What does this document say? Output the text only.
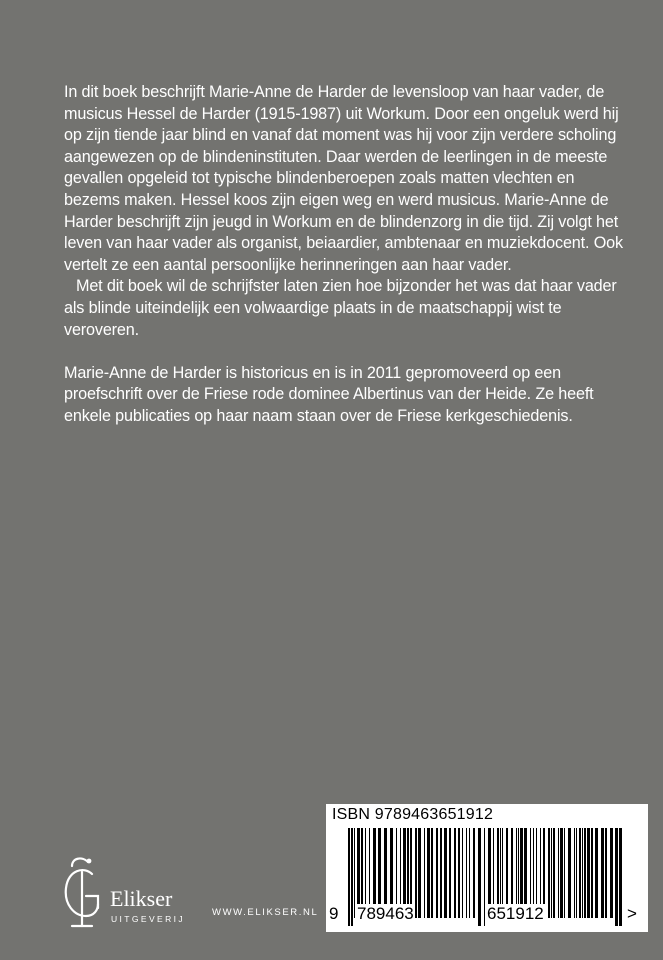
In dit boek beschrijft Marie-Anne de Harder de levensloop van haar vader, de musicus Hessel de Harder (1915-1987) uit Workum. Door een ongeluk werd hij op zijn tiende jaar blind en vanaf dat moment was hij voor zijn verdere scholing aangewezen op de blindeninstituten. Daar werden de leerlingen in de meeste gevallen opgeleid tot typische blindenberoepen zoals matten vlechten en bezems maken. Hessel koos zijn eigen weg en werd musicus. Marie-Anne de Harder beschrijft zijn jeugd in Workum en de blindenzorg in die tijd. Zij volgt het leven van haar vader als organist, beiaardier, ambtenaar en muziekdocent. Ook vertelt ze een aantal persoonlijke herinneringen aan haar vader.

Met dit boek wil de schrijfster laten zien hoe bijzonder het was dat haar vader als blinde uiteindelijk een volwaardige plaats in de maatschappij wist te veroveren.

Marie-Anne de Harder is historicus en is in 2011 gepromoveerd op een proefschrift over de Friese rode dominee Albertinus van der Heide. Ze heeft enkele publicaties op haar naam staan over de Friese kerkgeschiedenis.

Elikser
UITGEVERIJ
WWW.ELIKSER.NL
ISBN 9789463651912
9 789463	651912	>
